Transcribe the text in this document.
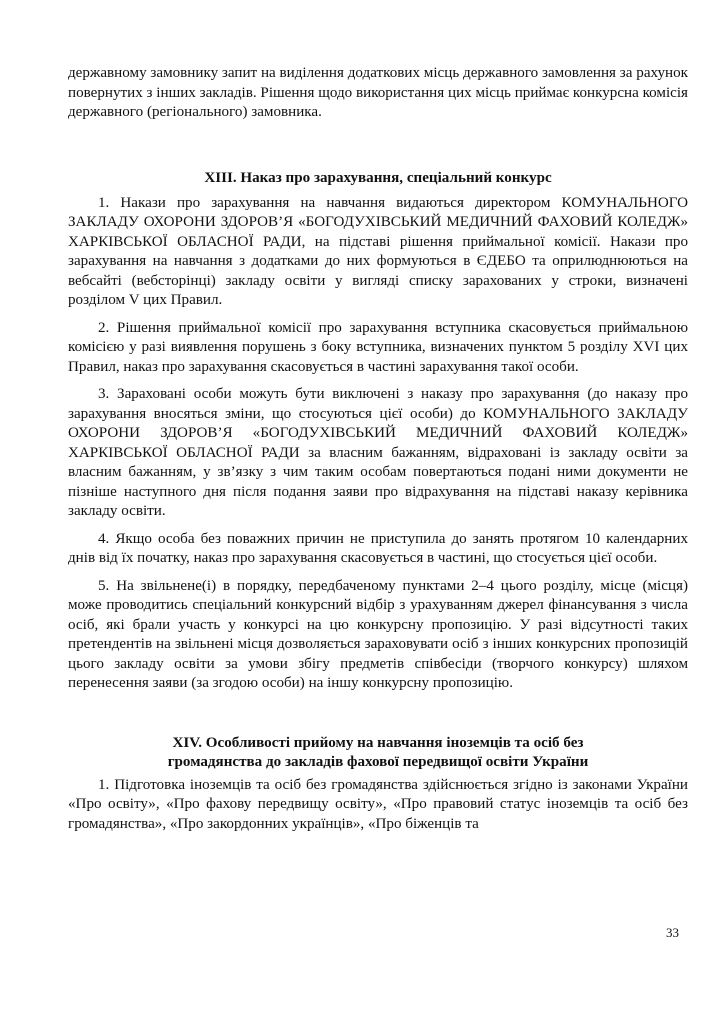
державному замовнику запит на виділення додаткових місць державного замовлення за рахунок повернутих з інших закладів. Рішення щодо використання цих місць приймає конкурсна комісія державного (регіонального) замовника.

XIII. Наказ про зарахування, спеціальний конкурс

1. Накази про зарахування на навчання видаються директором КОМУНАЛЬНОГО ЗАКЛАДУ ОХОРОНИ ЗДОРОВ’Я «БОГОДУХІВСЬКИЙ МЕДИЧНИЙ ФАХОВИЙ КОЛЕДЖ» ХАРКІВСЬКОЇ ОБЛАСНОЇ РАДИ, на підставі рішення приймальної комісії. Накази про зарахування на навчання з додатками до них формуються в ЄДЕБО та оприлюднюються на вебсайті (вебсторінці) закладу освіти у вигляді списку зарахованих у строки, визначені розділом V цих Правил.

2. Рішення приймальної комісії про зарахування вступника скасовується приймальною комісією у разі виявлення порушень з боку вступника, визначених пунктом 5 розділу XVI цих Правил, наказ про зарахування скасовується в частині зарахування такої особи.

3. Зараховані особи можуть бути виключені з наказу про зарахування (до наказу про зарахування вносяться зміни, що стосуються цієї особи) до КОМУНАЛЬНОГО ЗАКЛАДУ ОХОРОНИ ЗДОРОВ’Я «БОГОДУХІВСЬКИЙ МЕДИЧНИЙ ФАХОВИЙ КОЛЕДЖ» ХАРКІВСЬКОЇ ОБЛАСНОЇ РАДИ за власним бажанням, відраховані із закладу освіти за власним бажанням, у зв’язку з чим таким особам повертаються подані ними документи не пізніше наступного дня після подання заяви про відрахування на підставі наказу керівника закладу освіти.

4. Якщо особа без поважних причин не приступила до занять протягом 10 календарних днів від їх початку, наказ про зарахування скасовується в частині, що стосується цієї особи.

5. На звільнене(і) в порядку, передбаченому пунктами 2–4 цього розділу, місце (місця) може проводитись спеціальний конкурсний відбір з урахуванням джерел фінансування з числа осіб, які брали участь у конкурсі на цю конкурсну пропозицію. У разі відсутності таких претендентів на звільнені місця дозволяється зараховувати осіб з інших конкурсних пропозицій цього закладу освіти за умови збігу предметів співбесіди (творчого конкурсу) шляхом перенесення заяви (за згодою особи) на іншу конкурсну пропозицію.

XIV. Особливості прийому на навчання іноземців та осіб без
громадянства до закладів фахової передвищої освіти України

1. Підготовка іноземців та осіб без громадянства здійснюється згідно із законами України «Про освіту», «Про фахову передвищу освіту», «Про правовий статус іноземців та осіб без громадянства», «Про закордонних українців», «Про біженців та

33
